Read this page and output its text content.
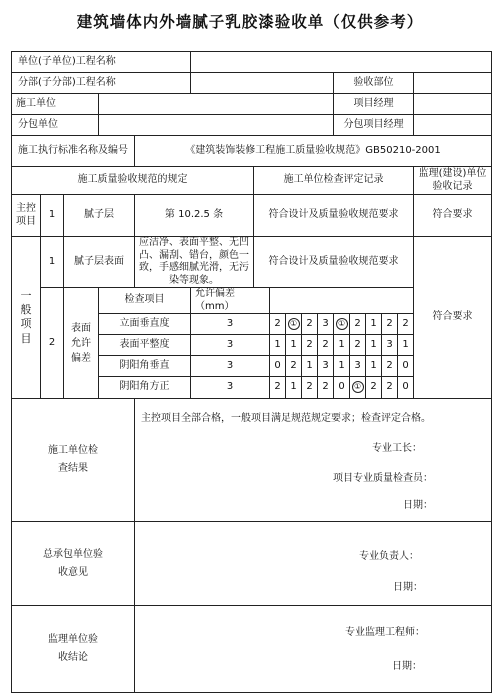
建筑墙体内外墙腻子乳胶漆验收单（仅供参考）
单位(子单位)工程名称																	
分部(子分部)工程名称											验收部位						
施工单位											项目经理						
分包单位											分包项目经理						
施工执行标准名称及编号				《建筑装饰装修工程施工质量验收规范》GB50210-2001													
施工质量验收规范的规定						施工单位检查评定记录										监理(建设)单位验收记录	
主控项目	1	腻子层		第 10.2.5 条		符合设计及质量验收规范要求										符合要求	
一般项目	1	腻子层表面		应洁净、表面平整、无凹凸、漏刮、错台，颜色一致，手感细腻光滑，无污染等现象。		符合设计及质量验收规范要求										符合要求	
	2	表面允许偏差	检查项目		允许偏差（mm）												
			立面垂直度		3		2	①	2	3	①	2	1	2	2	
			表面平整度		3		1	1	2	2	1	2	1	3	1	
			阴阳角垂直		3		0	2	1	3	1	3	1	2	0	
			阴阳角方正		3		2	1	2	2	0	①	2	2	0	
施工单位检查结果				主控项目全部合格，一般项目满足规范规定要求；检查评定合格。
专业工长：
项目专业质量检查员：
日期：													

总承包单位验收意见				专业负责人：
日期：													

监理单位验收结论				专业监理工程师：
日期：													
